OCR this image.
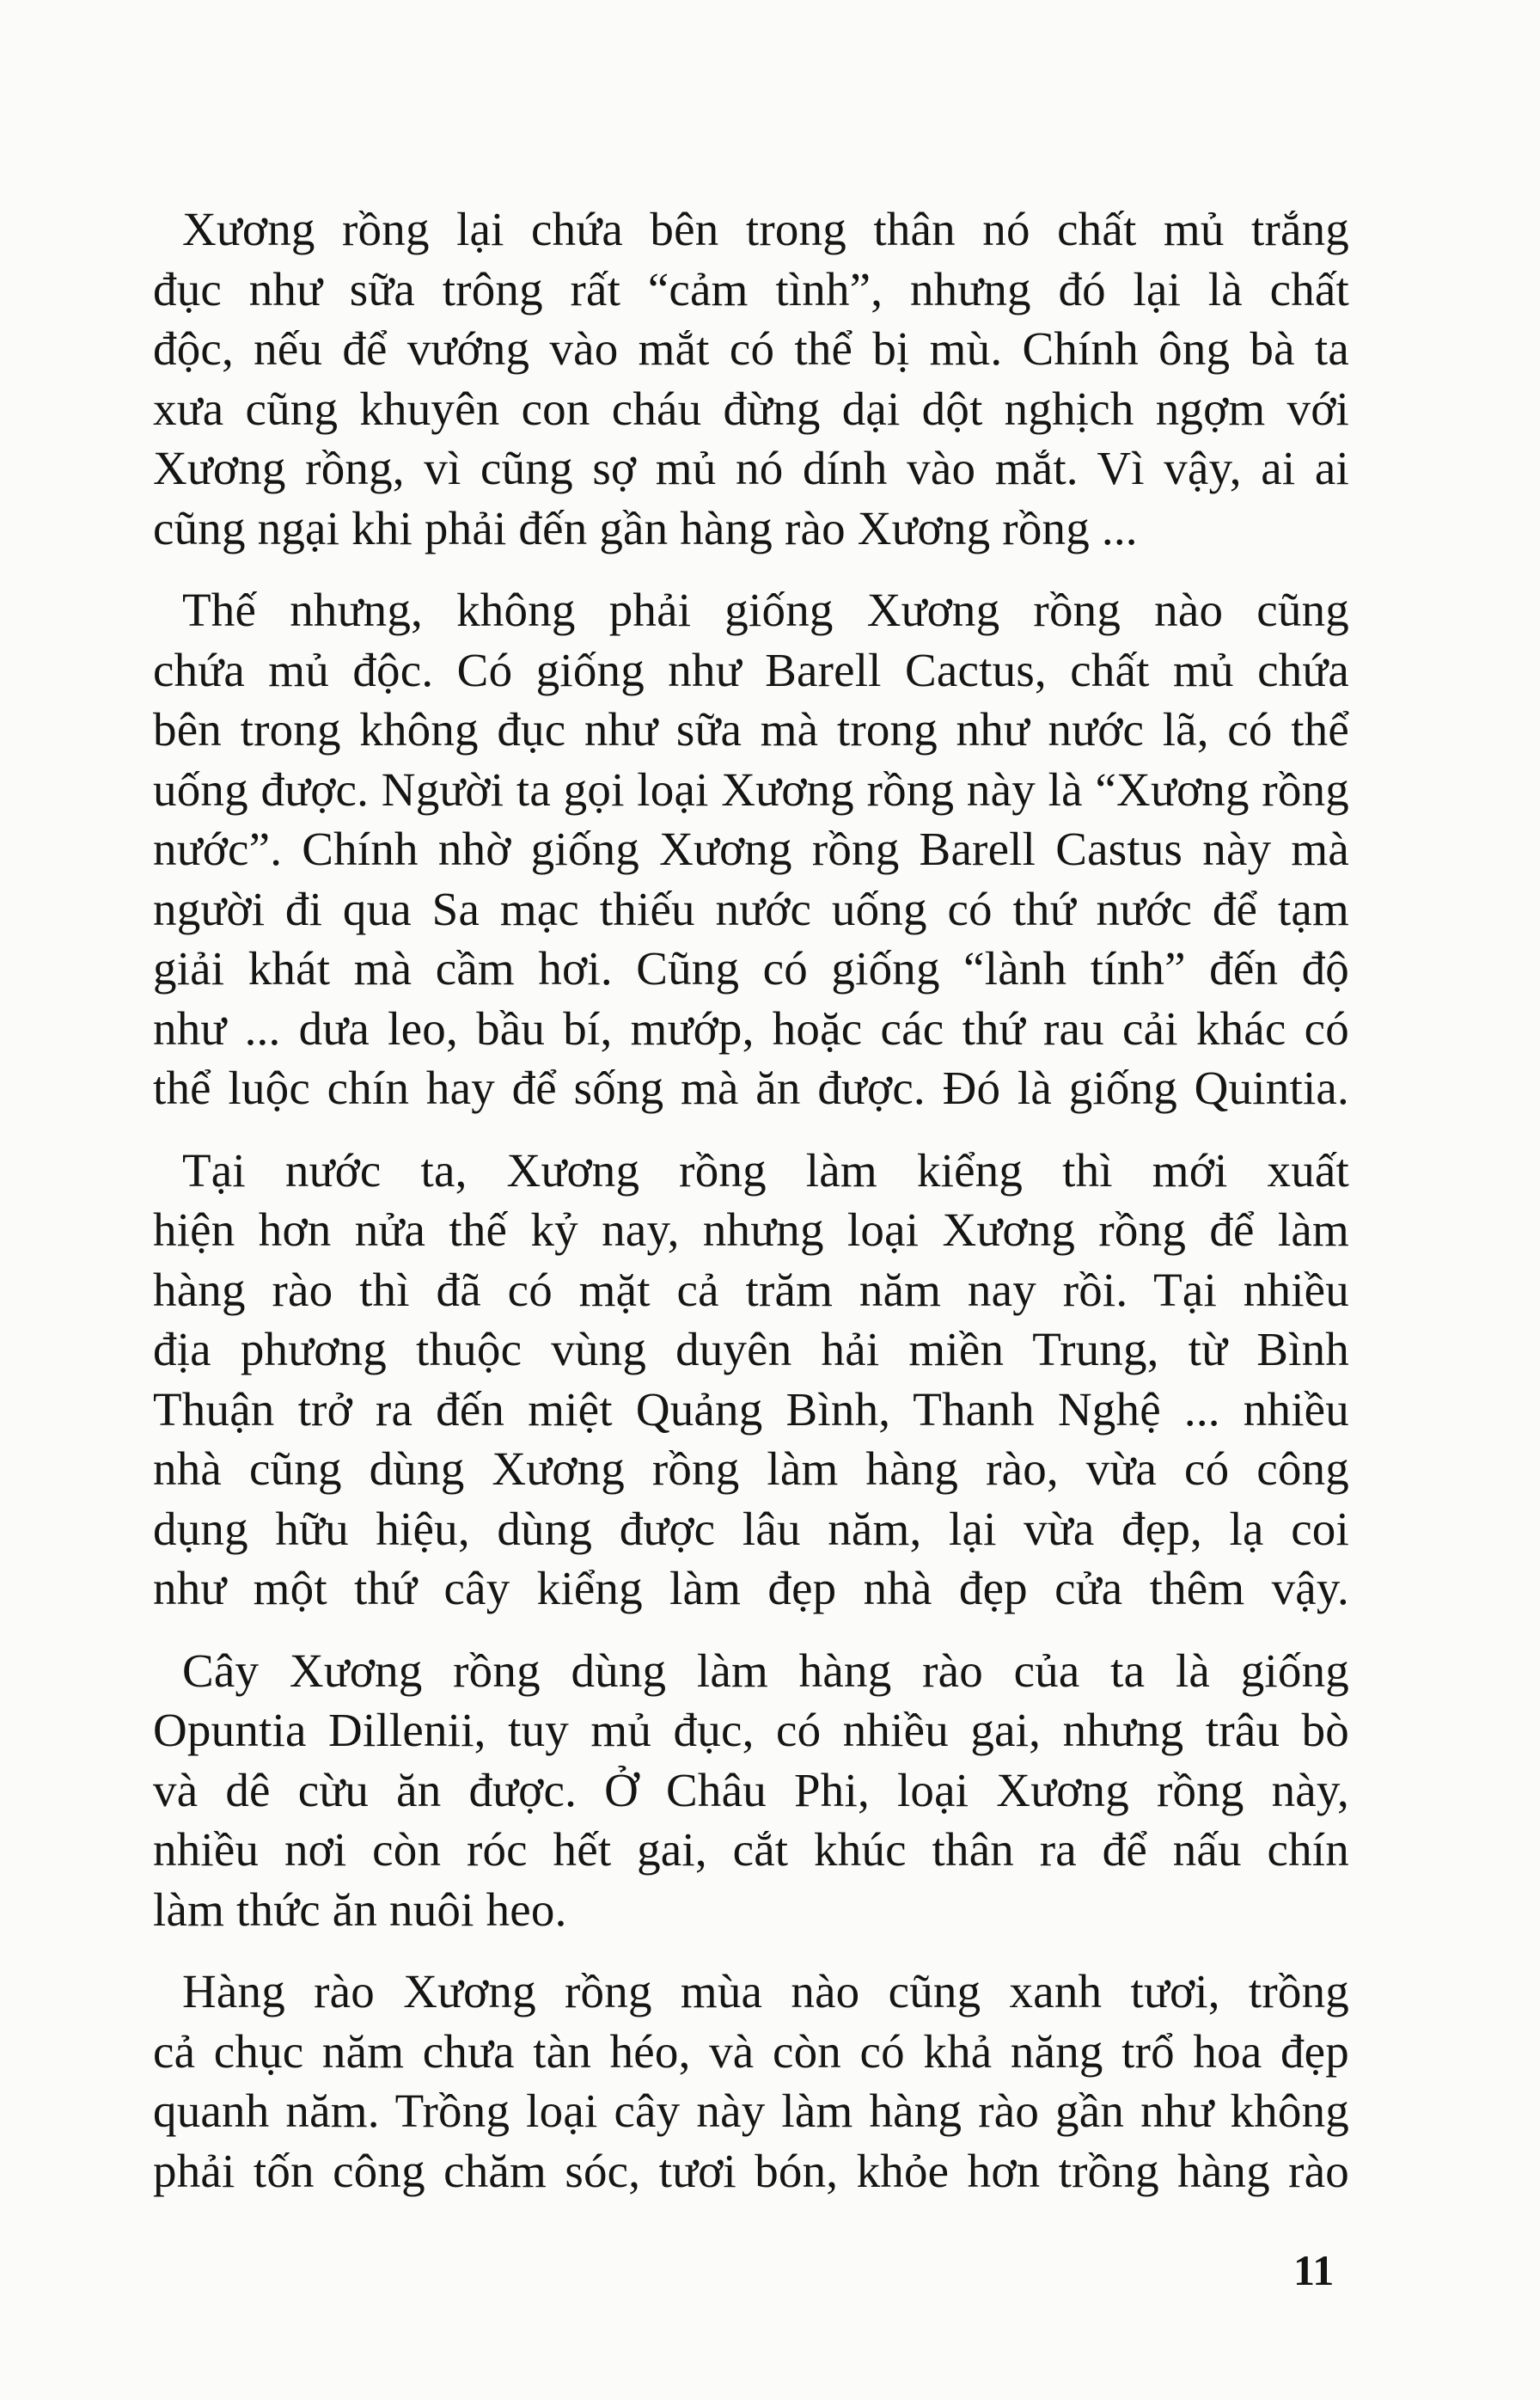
Xương rồng lại chứa bên trong thân nó chất mủ trắng
đục như sữa trông rất “cảm tình”, nhưng đó lại là chất
độc, nếu để vướng vào mắt có thể bị mù. Chính ông bà ta
xưa cũng khuyên con cháu đừng dại dột nghịch ngợm với
Xương rồng, vì cũng sợ mủ nó dính vào mắt. Vì vậy, ai ai
cũng ngại khi phải đến gần hàng rào Xương rồng ...
Thế nhưng, không phải giống Xương rồng nào cũng
chứa mủ độc. Có giống như Barell Cactus, chất mủ chứa
bên trong không đục như sữa mà trong như nước lã, có thể
uống được. Người ta gọi loại Xương rồng này là “Xương rồng
nước”. Chính nhờ giống Xương rồng Barell Castus này mà
người đi qua Sa mạc thiếu nước uống có thứ nước để tạm
giải khát mà cầm hơi. Cũng có giống “lành tính” đến độ
như ... dưa leo, bầu bí, mướp, hoặc các thứ rau cải khác có
thể luộc chín hay để sống mà ăn được. Đó là giống Quintia.
Tại nước ta, Xương rồng làm kiểng thì mới xuất
hiện hơn nửa thế kỷ nay, nhưng loại Xương rồng để làm
hàng rào thì đã có mặt cả trăm năm nay rồi. Tại nhiều
địa phương thuộc vùng duyên hải miền Trung, từ Bình
Thuận trở ra đến miệt Quảng Bình, Thanh Nghệ ... nhiều
nhà cũng dùng Xương rồng làm hàng rào, vừa có công
dụng hữu hiệu, dùng được lâu năm, lại vừa đẹp, lạ coi
như một thứ cây kiểng làm đẹp nhà đẹp cửa thêm vậy.
Cây Xương rồng dùng làm hàng rào của ta là giống
Opuntia Dillenii, tuy mủ đục, có nhiều gai, nhưng trâu bò
và dê cừu ăn được. Ở Châu Phi, loại Xương rồng này,
nhiều nơi còn róc hết gai, cắt khúc thân ra để nấu chín
làm thức ăn nuôi heo.
Hàng rào Xương rồng mùa nào cũng xanh tươi, trồng
cả chục năm chưa tàn héo, và còn có khả năng trổ hoa đẹp
quanh năm. Trồng loại cây này làm hàng rào gần như không
phải tốn công chăm sóc, tươi bón, khỏe hơn trồng hàng rào
11
